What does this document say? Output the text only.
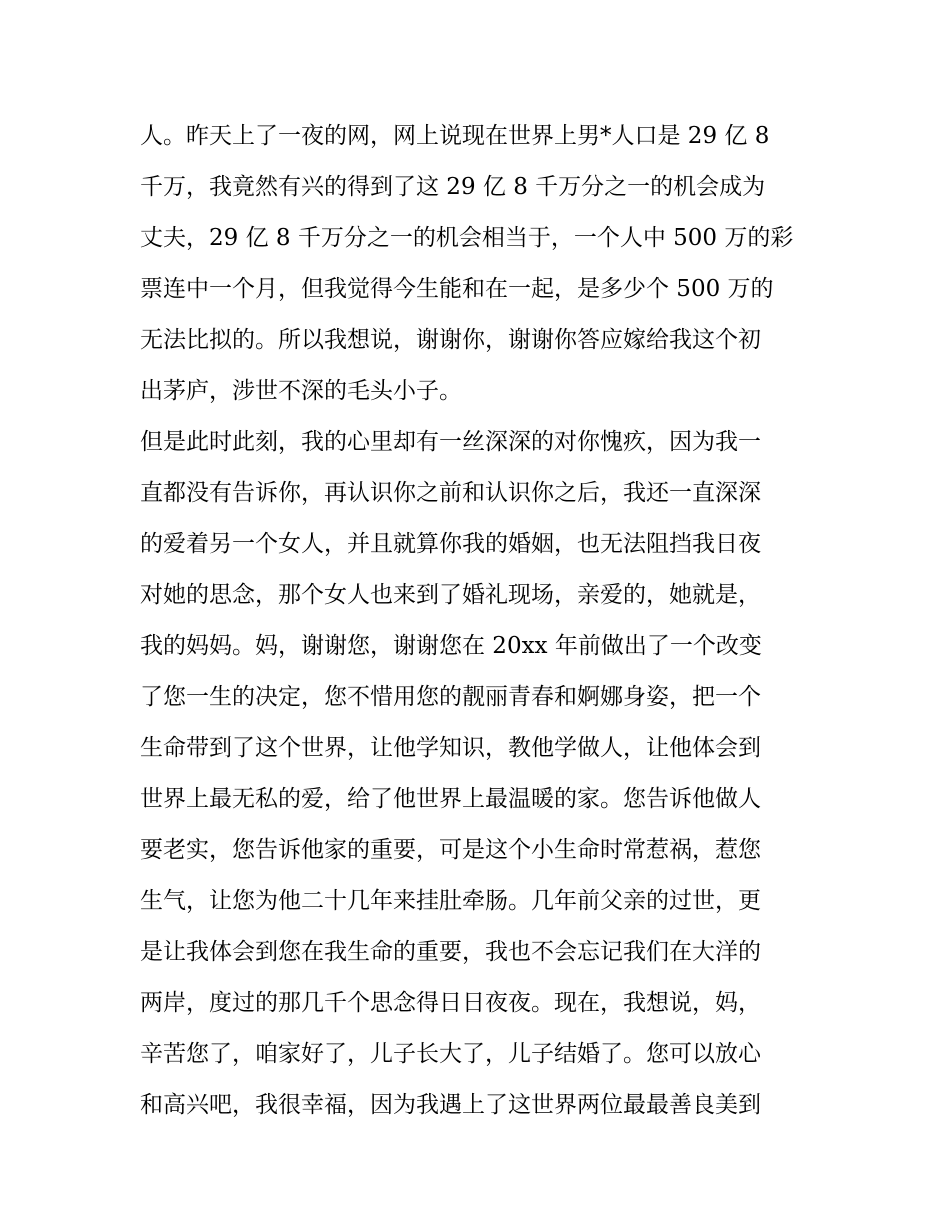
人。昨天上了一夜的网，网上说现在世界上男*人口是 29 亿 8
千万，我竟然有兴的得到了这 29 亿 8 千万分之一的机会成为
丈夫，29 亿 8 千万分之一的机会相当于，一个人中 500 万的彩
票连中一个月，但我觉得今生能和在一起，是多少个 500 万的
无法比拟的。所以我想说，谢谢你，谢谢你答应嫁给我这个初
出茅庐，涉世不深的毛头小子。
但是此时此刻，我的心里却有一丝深深的对你愧疚，因为我一
直都没有告诉你，再认识你之前和认识你之后，我还一直深深
的爱着另一个女人，并且就算你我的婚姻，也无法阻挡我日夜
对她的思念，那个女人也来到了婚礼现场，亲爱的，她就是，
我的妈妈。妈，谢谢您，谢谢您在 20xx 年前做出了一个改变
了您一生的决定，您不惜用您的靓丽青春和婀娜身姿，把一个
生命带到了这个世界，让他学知识，教他学做人，让他体会到
世界上最无私的爱，给了他世界上最温暖的家。您告诉他做人
要老实，您告诉他家的重要，可是这个小生命时常惹祸，惹您
生气，让您为他二十几年来挂肚牵肠。几年前父亲的过世，更
是让我体会到您在我生命的重要，我也不会忘记我们在大洋的
两岸，度过的那几千个思念得日日夜夜。现在，我想说，妈，
辛苦您了，咱家好了，儿子长大了，儿子结婚了。您可以放心
和高兴吧，我很幸福，因为我遇上了这世界两位最最善良美到
